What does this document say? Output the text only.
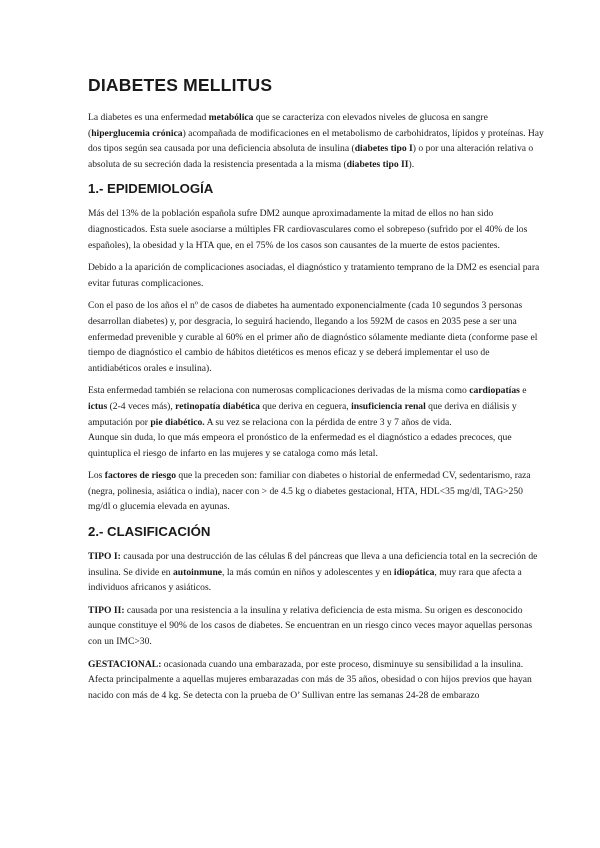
DIABETES MELLITUS

La diabetes es una enfermedad metabólica que se caracteriza con elevados niveles de glucosa en sangre (hiperglucemia crónica) acompañada de modificaciones en el metabolismo de carbohidratos, lípidos y proteínas. Hay dos tipos según sea causada por una deficiencia absoluta de insulina (diabetes tipo I) o por una alteración relativa o absoluta de su secreción dada la resistencia presentada a la misma (diabetes tipo II).

1.- EPIDEMIOLOGÍA

Más del 13% de la población española sufre DM2 aunque aproximadamente la mitad de ellos no han sido diagnosticados. Esta suele asociarse a múltiples FR cardiovasculares como el sobrepeso (sufrido por el 40% de los españoles), la obesidad y la HTA que, en el 75% de los casos son causantes de la muerte de estos pacientes.

Debido a la aparición de complicaciones asociadas, el diagnóstico y tratamiento temprano de la DM2 es esencial para evitar futuras complicaciones.

Con el paso de los años el nº de casos de diabetes ha aumentado exponencialmente (cada 10 segundos 3 personas desarrollan diabetes) y, por desgracia, lo seguirá haciendo, llegando a los 592M de casos en 2035 pese a ser una enfermedad prevenible y curable al 60% en el primer año de diagnóstico sólamente mediante dieta (conforme pase el tiempo de diagnóstico el cambio de hábitos dietéticos es menos eficaz y se deberá implementar el uso de antidiabéticos orales e insulina).

Esta enfermedad también se relaciona con numerosas complicaciones derivadas de la misma como cardiopatías e ictus (2-4 veces más), retinopatía diabética que deriva en ceguera, insuficiencia renal que deriva en diálisis y amputación por pie diabético. A su vez se relaciona con la pérdida de entre 3 y 7 años de vida.

Aunque sin duda, lo que más empeora el pronóstico de la enfermedad es el diagnóstico a edades precoces, que quintuplica el riesgo de infarto en las mujeres y se cataloga como más letal.

Los factores de riesgo que la preceden son: familiar con diabetes o historial de enfermedad CV, sedentarismo, raza (negra, polinesia, asiática o india), nacer con > de 4.5 kg o diabetes gestacional, HTA, HDL<35 mg/dl, TAG>250 mg/dl o glucemia elevada en ayunas.

2.- CLASIFICACIÓN

TIPO I: causada por una destrucción de las células ß del páncreas que lleva a una deficiencia total en la secreción de insulina. Se divide en autoinmune, la más común en niños y adolescentes y en idiopática, muy rara que afecta a individuos africanos y asiáticos.

TIPO II: causada por una resistencia a la insulina y relativa deficiencia de esta misma. Su origen es desconocido aunque constituye el 90% de los casos de diabetes. Se encuentran en un riesgo cinco veces mayor aquellas personas con un IMC>30.

GESTACIONAL: ocasionada cuando una embarazada, por este proceso, disminuye su sensibilidad a la insulina. Afecta principalmente a aquellas mujeres embarazadas con más de 35 años, obesidad o con hijos previos que hayan nacido con más de 4 kg. Se detecta con la prueba de O’ Sullivan entre las semanas 24-28 de embarazo
